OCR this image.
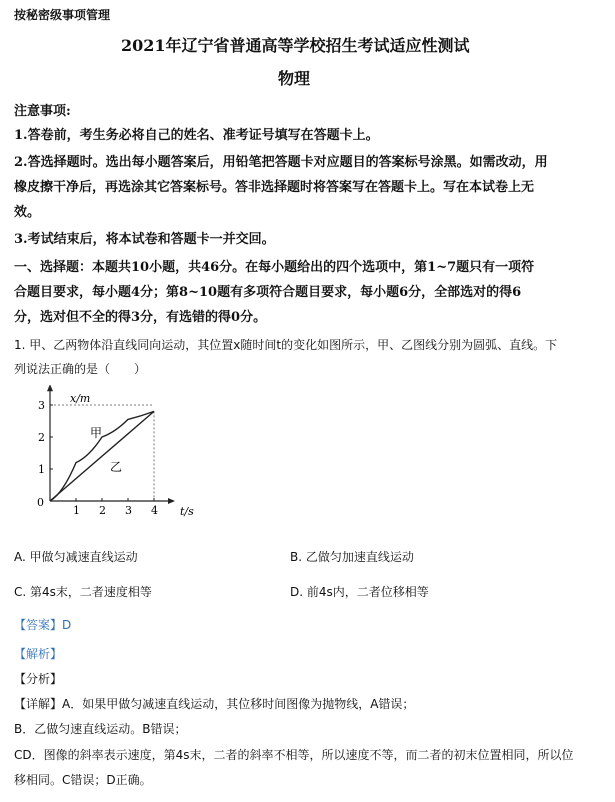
按秘密级事项管理
2021年辽宁省普通高等学校招生考试适应性测试
物理
注意事项:
1.答卷前，考生务必将自己的姓名、准考证号填写在答题卡上。
2.答选择题时。选出每小题答案后，用铅笔把答题卡对应题目的答案标号涂黑。如需改动，用
橡皮擦干净后，再选涂其它答案标号。答非选择题时将答案写在答题卡上。写在本试卷上无
效。
3.考试结束后，将本试卷和答题卡一并交回。
一、选择题：本题共10小题，共46分。在每小题给出的四个选项中，第1~7题只有一项符
合题目要求，每小题4分；第8~10题有多项符合题目要求，每小题6分，全部选对的得6
分，选对但不全的得3分，有选错的得0分。
1. 甲、乙两物体沿直线同向运动，其位置x随时间t的变化如图所示，甲、乙图线分别为圆弧、直线。下
列说法正确的是（　　）
x/m
t/s
0
甲
乙
1
2
3
1 2 3 4
A. 甲做匀减速直线运动	B. 乙做匀加速直线运动
C. 第4s末，二者速度相等	D. 前4s内，二者位移相等
【答案】D
【解析】
【分析】
【详解】A．如果甲做匀减速直线运动，其位移时间图像为抛物线，A错误；
B．乙做匀速直线运动。B错误；
CD．图像的斜率表示速度，第4s末，二者的斜率不相等，所以速度不等，而二者的初末位置相同，所以位
移相同。C错误；D正确。
